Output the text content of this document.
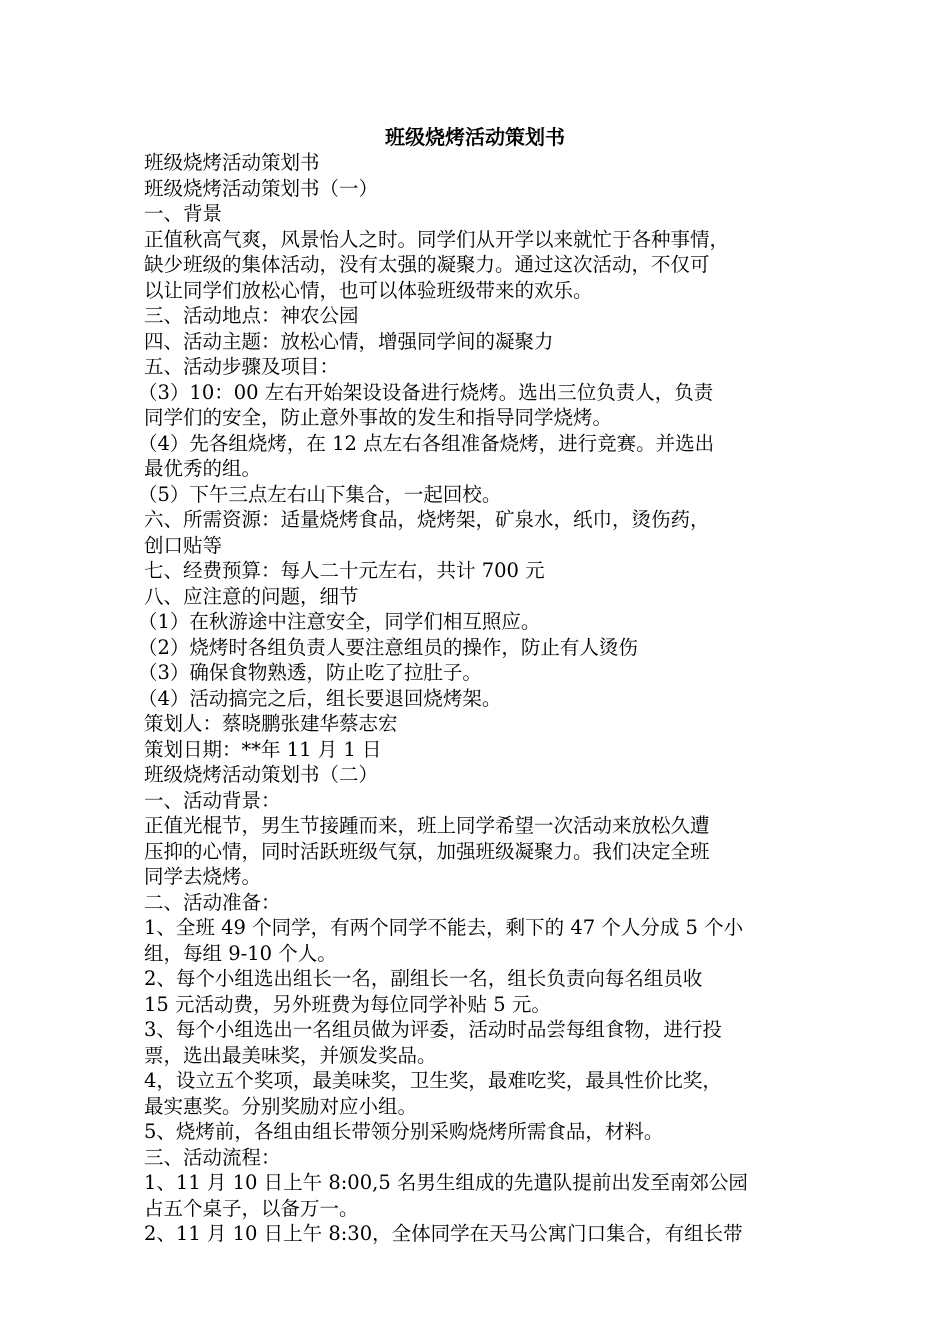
班级烧烤活动策划书

班级烧烤活动策划书

班级烧烤活动策划书（一）

一、背景

正值秋高气爽，风景怡人之时。同学们从开学以来就忙于各种事情，

缺少班级的集体活动，没有太强的凝聚力。通过这次活动，不仅可

以让同学们放松心情，也可以体验班级带来的欢乐。

三、活动地点：神农公园

四、活动主题：放松心情，增强同学间的凝聚力

五、活动步骤及项目：

（3）10：00 左右开始架设设备进行烧烤。选出三位负责人，负责

同学们的安全，防止意外事故的发生和指导同学烧烤。

（4）先各组烧烤，在 12 点左右各组准备烧烤，进行竞赛。并选出

最优秀的组。

（5）下午三点左右山下集合，一起回校。

六、所需资源：适量烧烤食品，烧烤架，矿泉水，纸巾，烫伤药，

创口贴等

七、经费预算：每人二十元左右，共计 700 元

八、应注意的问题，细节

（1）在秋游途中注意安全，同学们相互照应。

（2）烧烤时各组负责人要注意组员的操作，防止有人烫伤

（3）确保食物熟透，防止吃了拉肚子。

（4）活动搞完之后，组长要退回烧烤架。

策划人：蔡晓鹏张建华蔡志宏

策划日期：**年 11 月 1 日

班级烧烤活动策划书（二）

一、活动背景：

正值光棍节，男生节接踵而来，班上同学希望一次活动来放松久遭

压抑的心情，同时活跃班级气氛，加强班级凝聚力。我们决定全班

同学去烧烤。

二、活动准备：

1、全班 49 个同学，有两个同学不能去，剩下的 47 个人分成 5 个小

组，每组 9-10 个人。

2、每个小组选出组长一名，副组长一名，组长负责向每名组员收

15 元活动费，另外班费为每位同学补贴 5 元。

3、每个小组选出一名组员做为评委，活动时品尝每组食物，进行投

票，选出最美味奖，并颁发奖品。

4，设立五个奖项，最美味奖，卫生奖，最难吃奖，最具性价比奖，

最实惠奖。分别奖励对应小组。

5、烧烤前，各组由组长带领分别采购烧烤所需食品，材料。

三、活动流程：

1、11 月 10 日上午 8:00,5 名男生组成的先遣队提前出发至南郊公园

占五个桌子，以备万一。

2、11 月 10 日上午 8:30，全体同学在天马公寓门口集合，有组长带
